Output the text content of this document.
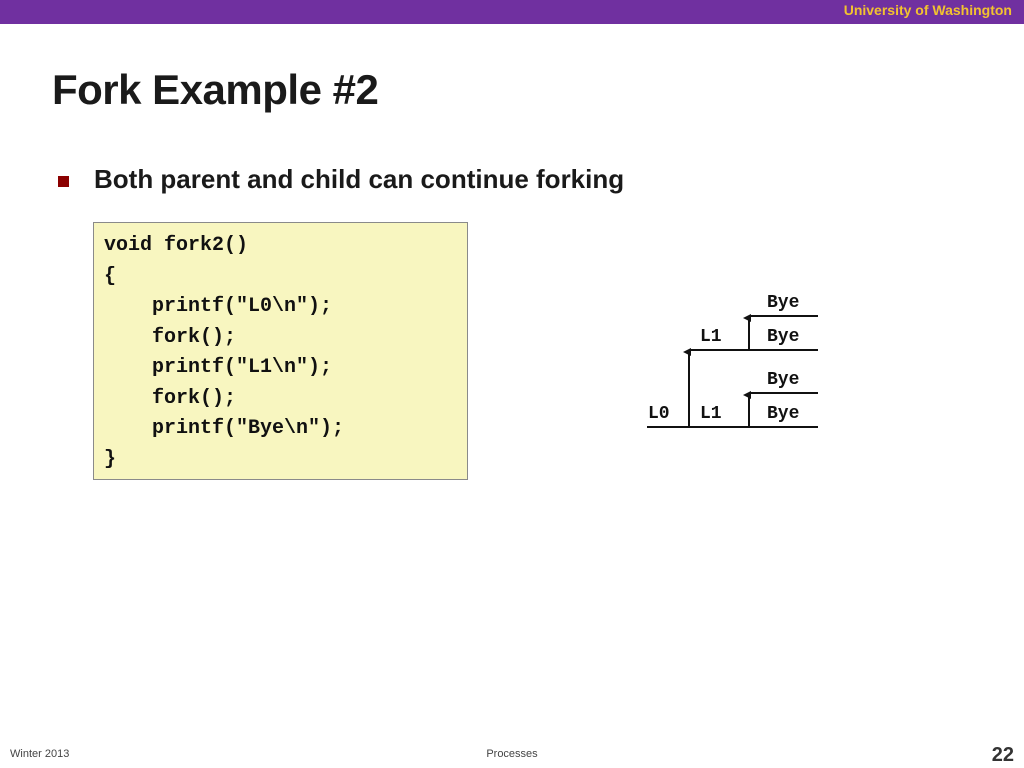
University of Washington
Fork Example #2
Both parent and child can continue forking
void fork2()
{
printf("L0\n");
fork();
printf("L1\n");
fork();
printf("Bye\n");
}
L0
L1
L1
Bye
Bye
Bye
Bye
Winter 2013	Processes	22
